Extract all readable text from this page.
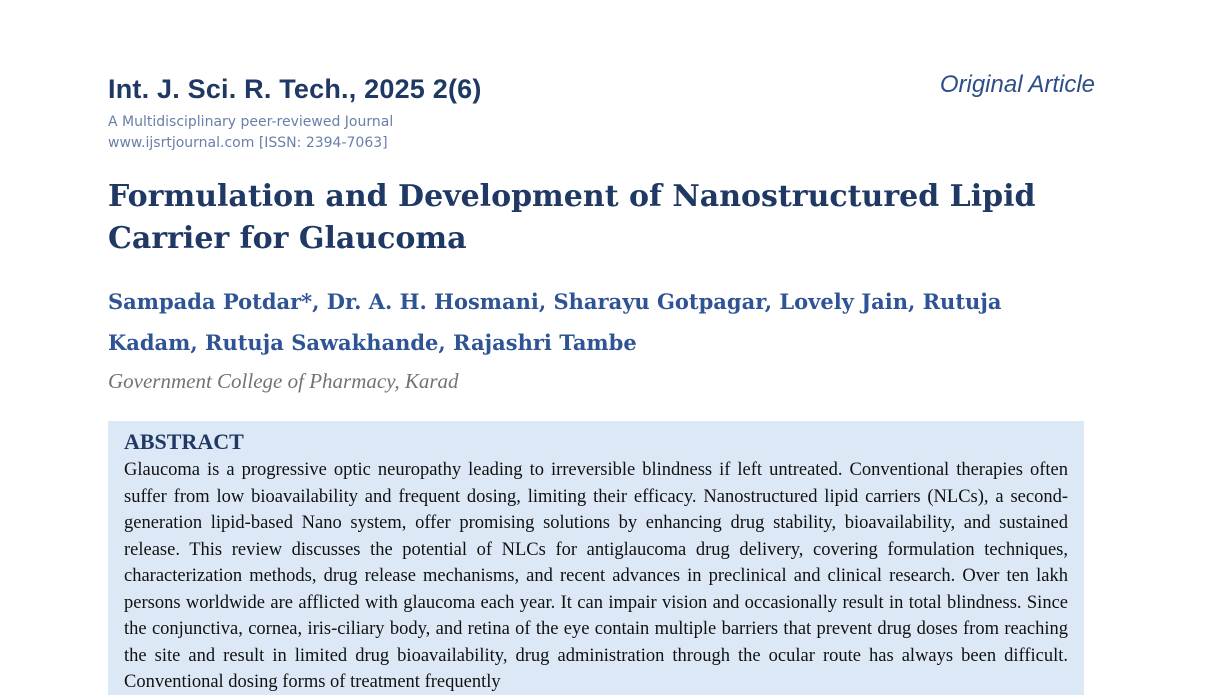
Int. J. Sci. R. Tech., 2025 2(6)	Original Article
A Multidisciplinary peer-reviewed Journal
www.ijsrtjournal.com [ISSN: 2394-7063]
Formulation and Development of Nanostructured Lipid Carrier for Glaucoma

Sampada Potdar*, Dr. A. H. Hosmani, Sharayu Gotpagar, Lovely Jain, Rutuja Kadam, Rutuja Sawakhande, Rajashri Tambe

Government College of Pharmacy, Karad
ABSTRACT

Glaucoma is a progressive optic neuropathy leading to irreversible blindness if left untreated. Conventional therapies often suffer from low bioavailability and frequent dosing, limiting their efficacy. Nanostructured lipid carriers (NLCs), a second-generation lipid-based Nano system, offer promising solutions by enhancing drug stability, bioavailability, and sustained release. This review discusses the potential of NLCs for antiglaucoma drug delivery, covering formulation techniques, characterization methods, drug release mechanisms, and recent advances in preclinical and clinical research. Over ten lakh persons worldwide are afflicted with glaucoma each year. It can impair vision and occasionally result in total blindness. Since the conjunctiva, cornea, iris-ciliary body, and retina of the eye contain multiple barriers that prevent drug doses from reaching the site and result in limited drug bioavailability, drug administration through the ocular route has always been difficult. Conventional dosing forms of treatment frequently
